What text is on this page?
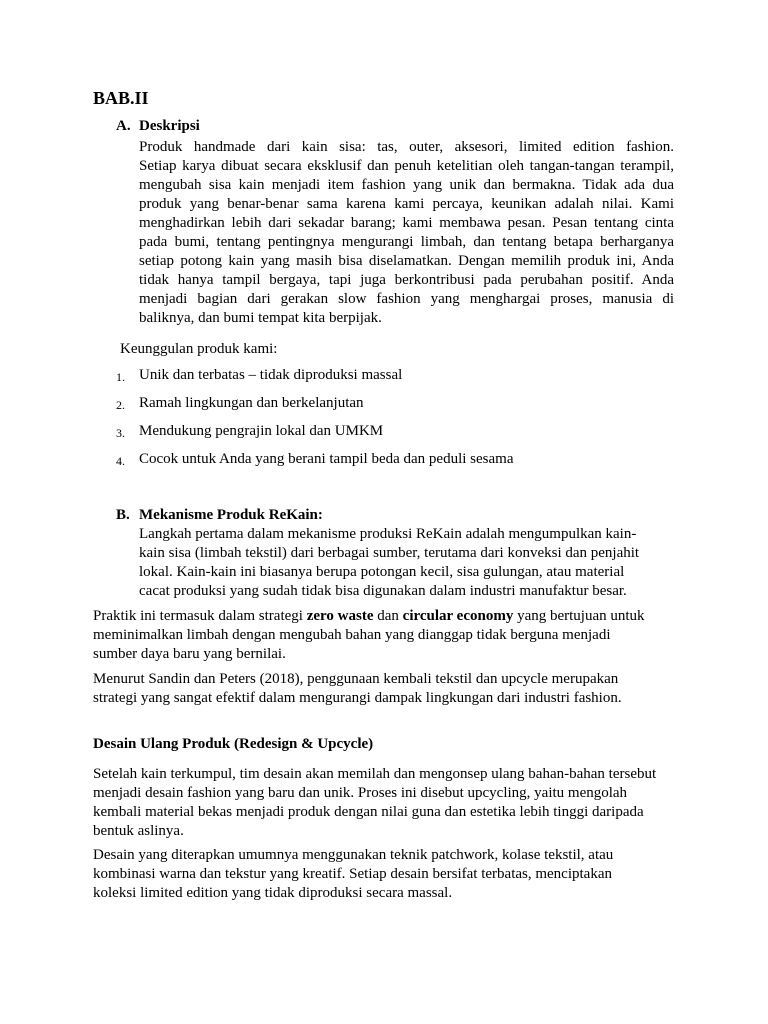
BAB.II
A. Deskripsi
Produk handmade dari kain sisa: tas, outer, aksesori, limited edition fashion.
Setiap karya dibuat secara eksklusif dan penuh ketelitian oleh tangan-tangan terampil,
mengubah sisa kain menjadi item fashion yang unik dan bermakna. Tidak ada dua
produk yang benar-benar sama karena kami percaya, keunikan adalah nilai. Kami
menghadirkan lebih dari sekadar barang; kami membawa pesan. Pesan tentang cinta
pada bumi, tentang pentingnya mengurangi limbah, dan tentang betapa berharganya
setiap potong kain yang masih bisa diselamatkan. Dengan memilih produk ini, Anda
tidak hanya tampil bergaya, tapi juga berkontribusi pada perubahan positif. Anda
menjadi bagian dari gerakan slow fashion yang menghargai proses, manusia di
baliknya, dan bumi tempat kita berpijak.
Keunggulan produk kami:
1. Unik dan terbatas – tidak diproduksi massal
2. Ramah lingkungan dan berkelanjutan
3. Mendukung pengrajin lokal dan UMKM
4. Cocok untuk Anda yang berani tampil beda dan peduli sesama
B. Mekanisme Produk ReKain:
Langkah pertama dalam mekanisme produksi ReKain adalah mengumpulkan kain-
kain sisa (limbah tekstil) dari berbagai sumber, terutama dari konveksi dan penjahit
lokal. Kain-kain ini biasanya berupa potongan kecil, sisa gulungan, atau material
cacat produksi yang sudah tidak bisa digunakan dalam industri manufaktur besar.
Praktik ini termasuk dalam strategi zero waste dan circular economy yang bertujuan untuk
meminimalkan limbah dengan mengubah bahan yang dianggap tidak berguna menjadi
sumber daya baru yang bernilai.
Menurut Sandin dan Peters (2018), penggunaan kembali tekstil dan upcycle merupakan
strategi yang sangat efektif dalam mengurangi dampak lingkungan dari industri fashion.
Desain Ulang Produk (Redesign & Upcycle)
Setelah kain terkumpul, tim desain akan memilah dan mengonsep ulang bahan-bahan tersebut
menjadi desain fashion yang baru dan unik. Proses ini disebut upcycling, yaitu mengolah
kembali material bekas menjadi produk dengan nilai guna dan estetika lebih tinggi daripada
bentuk aslinya.
Desain yang diterapkan umumnya menggunakan teknik patchwork, kolase tekstil, atau
kombinasi warna dan tekstur yang kreatif. Setiap desain bersifat terbatas, menciptakan
koleksi limited edition yang tidak diproduksi secara massal.
